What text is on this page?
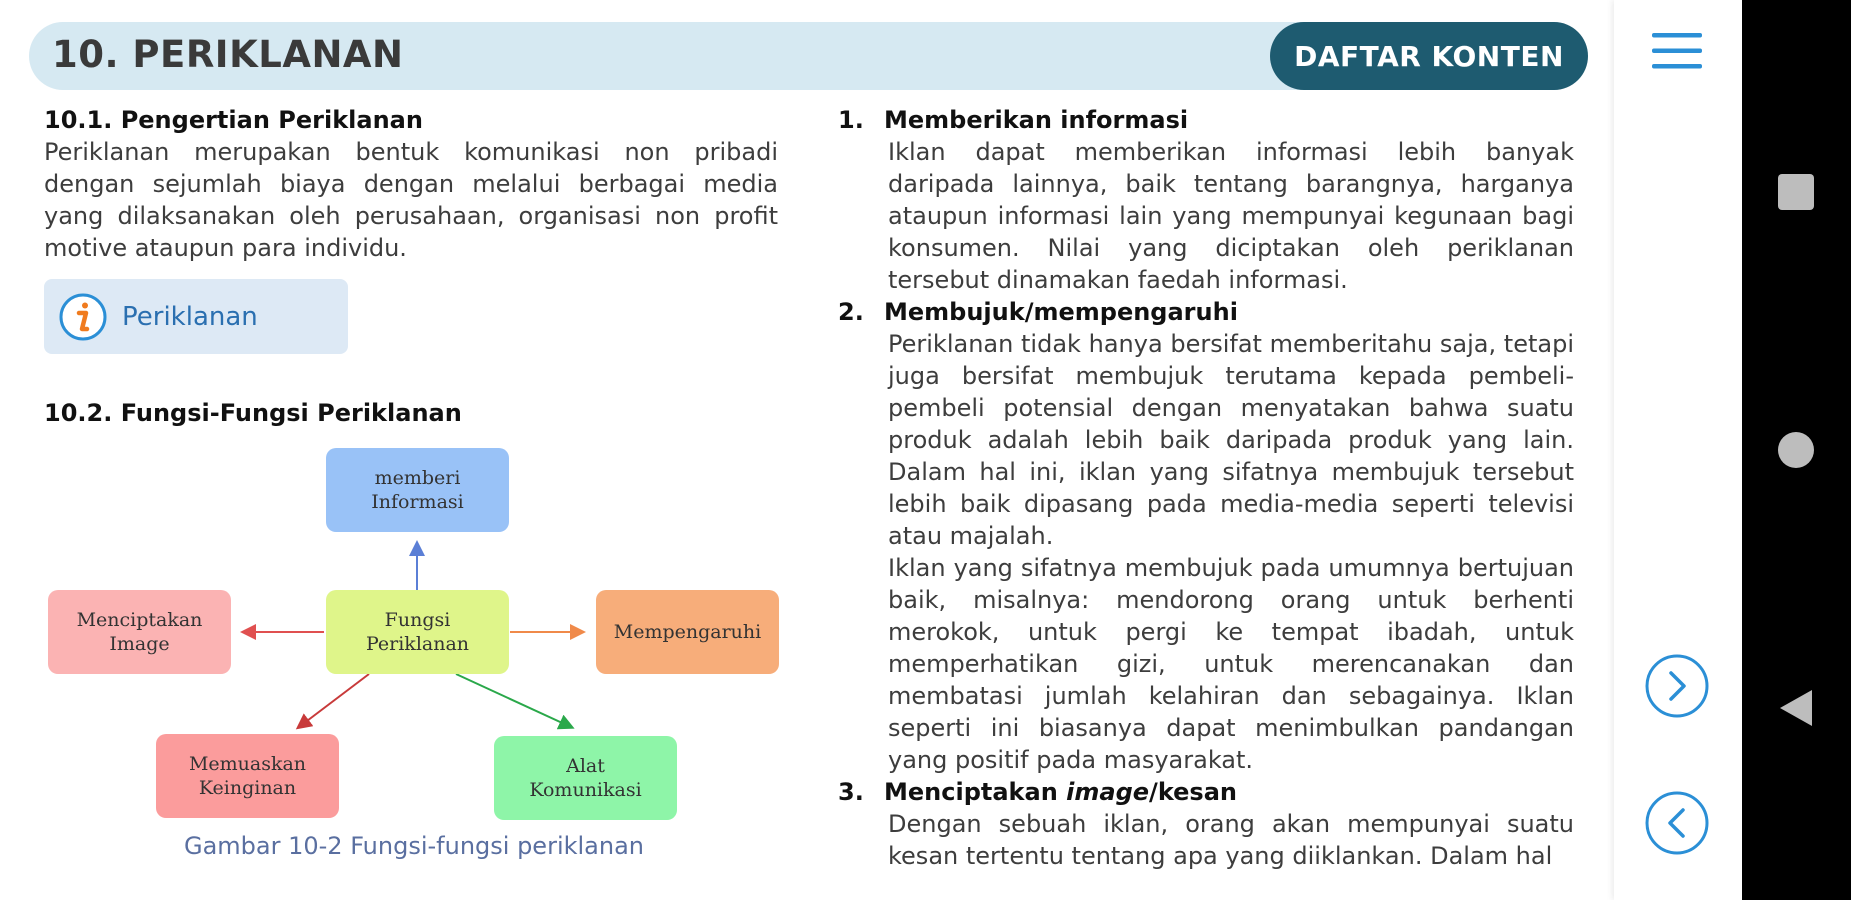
10. PERIKLANAN	DAFTAR KONTEN

10.1. Pengertian Periklanan

Periklanan merupakan bentuk komunikasi non pribadi dengan sejumlah biaya dengan melalui berbagai media yang dilaksanakan oleh perusahaan, organisasi non profit motive ataupun para individu.

Periklanan

10.2. Fungsi-Fungsi Periklanan

memberi
Informasi
Fungsi
Periklanan
Menciptakan
Image
Mempengaruhi
Memuaskan
Keinginan
Alat
Komunikasi
Gambar 10-2 Fungsi-fungsi periklanan
1. Memberikan informasi

Iklan dapat memberikan informasi lebih banyak daripada lainnya, baik tentang barangnya, harganya ataupun informasi lain yang mempunyai kegunaan bagi konsumen. Nilai yang diciptakan oleh periklanan tersebut dinamakan faedah informasi.

2. Membujuk/mempengaruhi

Periklanan tidak hanya bersifat memberitahu saja, tetapi juga bersifat membujuk terutama kepada pembeli-pembeli potensial dengan menyatakan bahwa suatu produk adalah lebih baik daripada produk yang lain. Dalam hal ini, iklan yang sifatnya membujuk tersebut lebih baik dipasang pada media-media seperti televisi atau majalah.

Iklan yang sifatnya membujuk pada umumnya bertujuan baik, misalnya: mendorong orang untuk berhenti merokok, untuk pergi ke tempat ibadah, untuk memperhatikan gizi, untuk merencanakan dan membatasi jumlah kelahiran dan sebagainya. Iklan seperti ini biasanya dapat menimbulkan pandangan yang positif pada masyarakat.

3. Menciptakan image/kesan

Dengan sebuah iklan, orang akan mempunyai suatu kesan tertentu tentang apa yang diiklankan. Dalam hal
